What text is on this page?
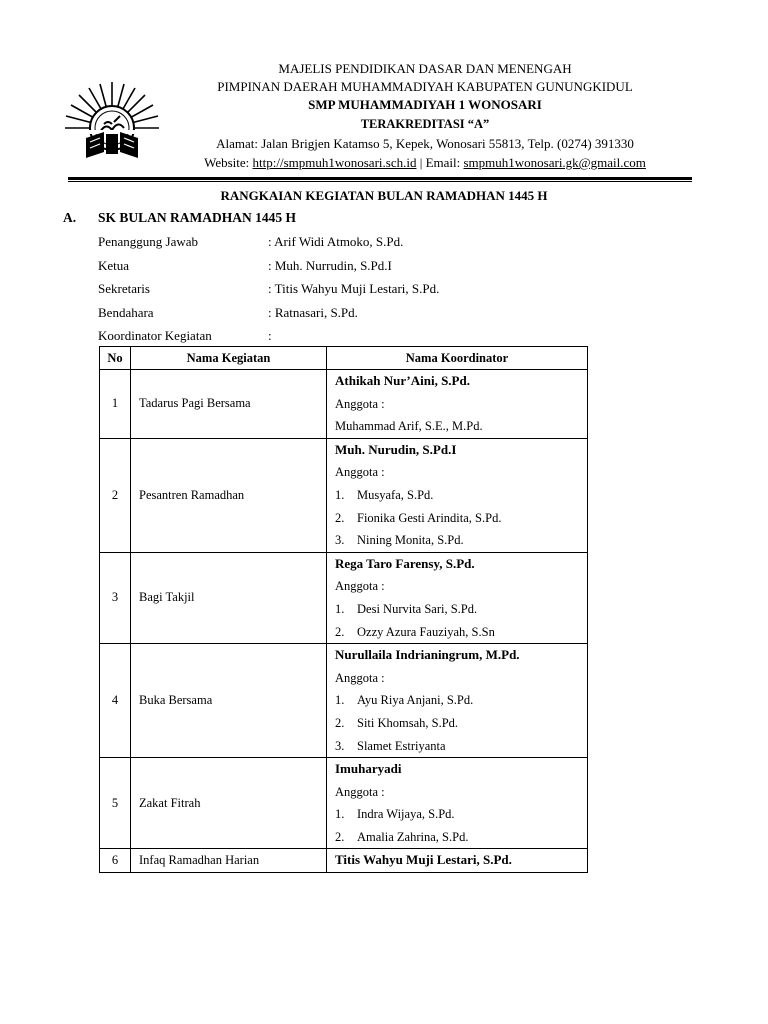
MAJELIS PENDIDIKAN DASAR DAN MENENGAH
PIMPINAN DAERAH MUHAMMADIYAH KABUPATEN GUNUNGKIDUL
SMP MUHAMMADIYAH 1 WONOSARI
TERAKREDITASI “A”
Alamat: Jalan Brigjen Katamso 5, Kepek, Wonosari 55813, Telp. (0274) 391330
Website: http://smpmuh1wonosari.sch.id | Email: smpmuh1wonosari.gk@gmail.com
RANGKAIAN KEGIATAN BULAN RAMADHAN 1445 H
A. SK BULAN RAMADHAN 1445 H
Penanggung Jawab	: Arif Widi Atmoko, S.Pd.
Ketua	: Muh. Nurrudin, S.Pd.I
Sekretaris	: Titis Wahyu Muji Lestari, S.Pd.
Bendahara	: Ratnasari, S.Pd.
Koordinator Kegiatan	:
No	Nama Kegiatan	Nama Koordinator
1	Tadarus Pagi Bersama	Athikah Nur’Aini, S.Pd.
Anggota :
Muhammad Arif, S.E., M.Pd.

2	Pesantren Ramadhan	Muh. Nurudin, S.Pd.I
Anggota :
1. Musyafa, S.Pd.
2. Fionika Gesti Arindita, S.Pd.
3. Nining Monita, S.Pd.

3	Bagi Takjil	Rega Taro Farensy, S.Pd.
Anggota :
1. Desi Nurvita Sari, S.Pd.
2. Ozzy Azura Fauziyah, S.Sn

4	Buka Bersama	Nurullaila Indrianingrum, M.Pd.
Anggota :
1. Ayu Riya Anjani, S.Pd.
2. Siti Khomsah, S.Pd.
3. Slamet Estriyanta

5	Zakat Fitrah	Imuharyadi
Anggota :
1. Indra Wijaya, S.Pd.
2. Amalia Zahrina, S.Pd.

6	Infaq Ramadhan Harian	Titis Wahyu Muji Lestari, S.Pd.
